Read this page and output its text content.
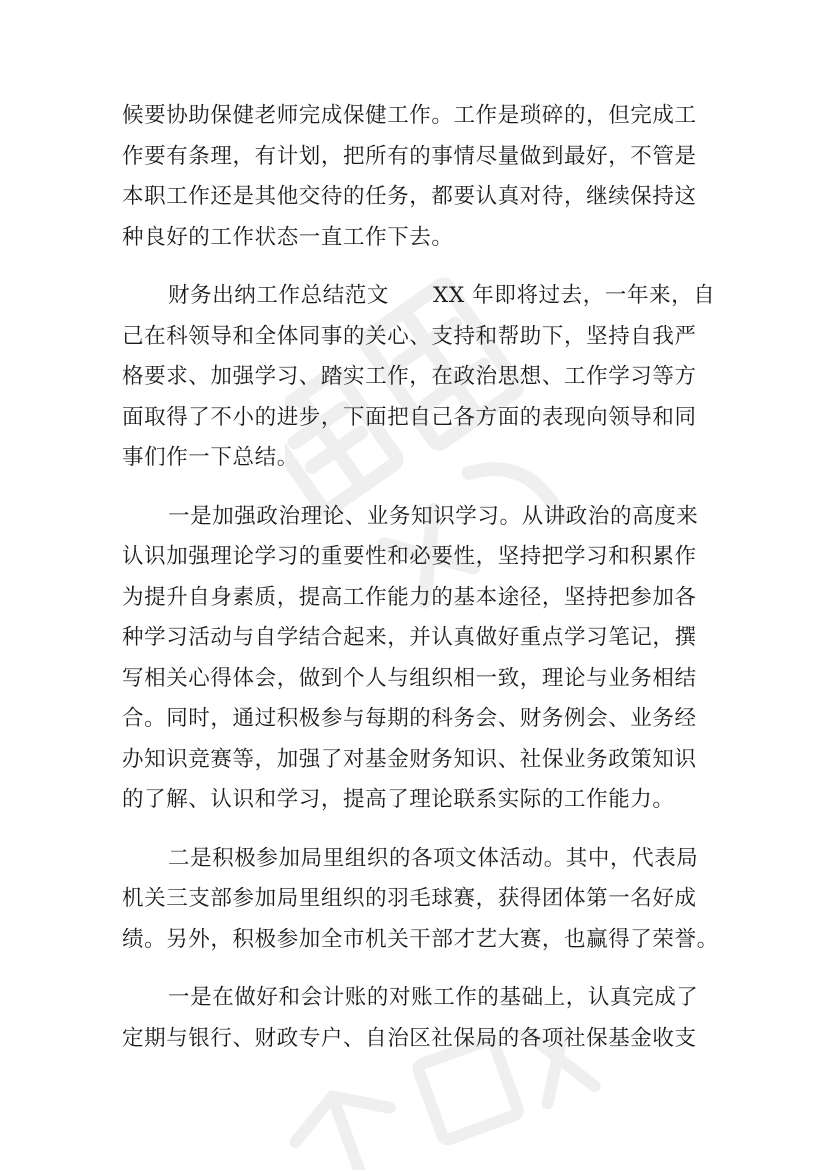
候要协助保健老师完成保健工作。工作是琐碎的，但完成工
作要有条理，有计划，把所有的事情尽量做到最好，不管是
本职工作还是其他交待的任务，都要认真对待，继续保持这
种良好的工作状态一直工作下去。

财务出纳工作总结范文 XX 年即将过去，一年来，自
己在科领导和全体同事的关心、支持和帮助下，坚持自我严
格要求、加强学习、踏实工作，在政治思想、工作学习等方
面取得了不小的进步，下面把自己各方面的表现向领导和同
事们作一下总结。

一是加强政治理论、业务知识学习。从讲政治的高度来
认识加强理论学习的重要性和必要性，坚持把学习和积累作
为提升自身素质，提高工作能力的基本途径，坚持把参加各
种学习活动与自学结合起来，并认真做好重点学习笔记，撰
写相关心得体会，做到个人与组织相一致，理论与业务相结
合。同时，通过积极参与每期的科务会、财务例会、业务经
办知识竞赛等，加强了对基金财务知识、社保业务政策知识
的了解、认识和学习，提高了理论联系实际的工作能力。

二是积极参加局里组织的各项文体活动。其中，代表局
机关三支部参加局里组织的羽毛球赛，获得团体第一名好成
绩。另外，积极参加全市机关干部才艺大赛，也赢得了荣誉。

一是在做好和会计账的对账工作的基础上，认真完成了
定期与银行、财政专户、自治区社保局的各项社保基金收支
